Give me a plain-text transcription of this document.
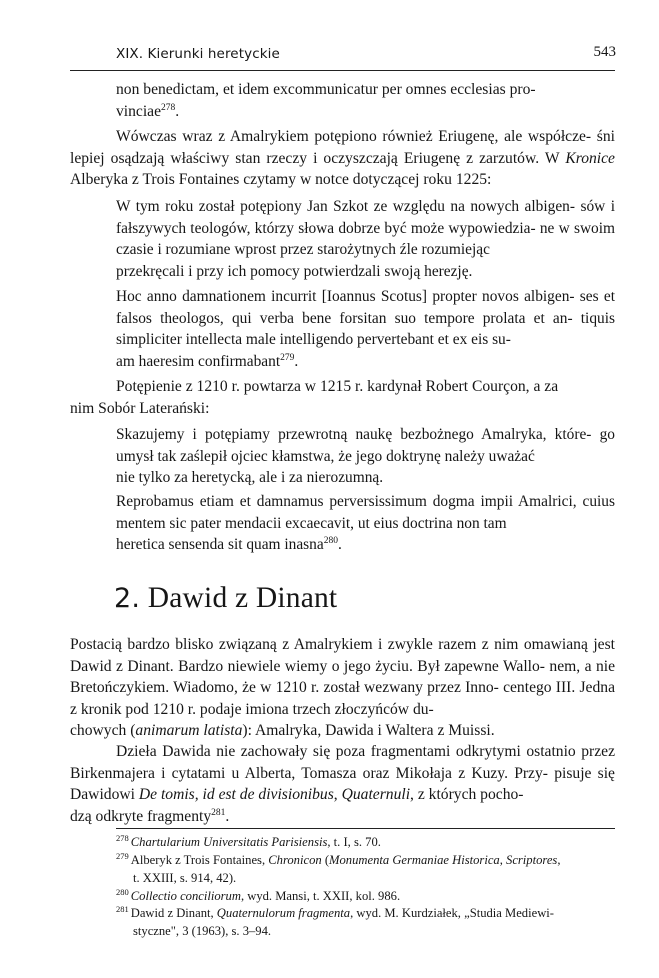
XIX. Kierunki heretyckie	543

non benedictam, et idem excommunicatur per omnes ecclesias pro-
vinciae$^{278}$.

Wówczas wraz z Amalrykiem potępiono również Eriugenę, ale współcze- śni lepiej osądzają właściwy stan rzeczy i oczyszczają Eriugenę z zarzutów. W Kronice Alberyka z Trois Fontaines czytamy w notce dotyczącej roku 1225:

W tym roku został potępiony Jan Szkot ze względu na nowych albigen- sów i fałszywych teologów, którzy słowa dobrze być może wypowiedzia- ne w swoim czasie i rozumiane wprost przez starożytnych źle rozumiejąc
przekręcali i przy ich pomocy potwierdzali swoją herezję.

Hoc anno damnationem incurrit [Ioannus Scotus] propter novos albigen- ses et falsos theologos, qui verba bene forsitan suo tempore prolata et an- tiquis simpliciter intellecta male intelligendo pervertebant et ex eis su-
am haeresim confirmabant$^{279}$.

Potępienie z 1210 r. powtarza w 1215 r. kardynał Robert Courçon, a za
nim Sobór Laterański:

Skazujemy i potępiamy przewrotną naukę bezbożnego Amalryka, które- go umysł tak zaślepił ojciec kłamstwa, że jego doktrynę należy uważać
nie tylko za heretycką, ale i za nierozumną.

Reprobamus etiam et damnamus perversissimum dogma impii Amalrici, cuius mentem sic pater mendacii excaecavit, ut eius doctrina non tam
heretica sensenda sit quam inasna$^{280}$.

2. Dawid z Dinant

Postacią bardzo blisko związaną z Amalrykiem i zwykle razem z nim omawianą jest Dawid z Dinant. Bardzo niewiele wiemy o jego życiu. Był zapewne Wallo- nem, a nie Bretończykiem. Wiadomo, że w 1210 r. został wezwany przez Inno- centego III. Jedna z kronik pod 1210 r. podaje imiona trzech złoczyńców du-
chowych (animarum latista): Amalryka, Dawida i Waltera z Muissi.

Dzieła Dawida nie zachowały się poza fragmentami odkrytymi ostatnio przez Birkenmajera i cytatami u Alberta, Tomasza oraz Mikołaja z Kuzy. Przy- pisuje się Dawidowi De tomis, id est de divisionibus, Quaternuli, z których pocho-
dzą odkryte fragmenty$^{281}$.

$^{278}$ Chartularium Universitatis Parisiensis, t. I, s. 70.

$^{279}$ Alberyk z Trois Fontaines, Chronicon (Monumenta Germaniae Historica, Scriptores,
t. XXIII, s. 914, 42).

$^{280}$ Collectio conciliorum, wyd. Mansi, t. XXII, kol. 986.

$^{281}$ Dawid z Dinant, Quaternulorum fragmenta, wyd. M. Kurdziałek, „Studia Mediewi-
styczne", 3 (1963), s. 3–94.
